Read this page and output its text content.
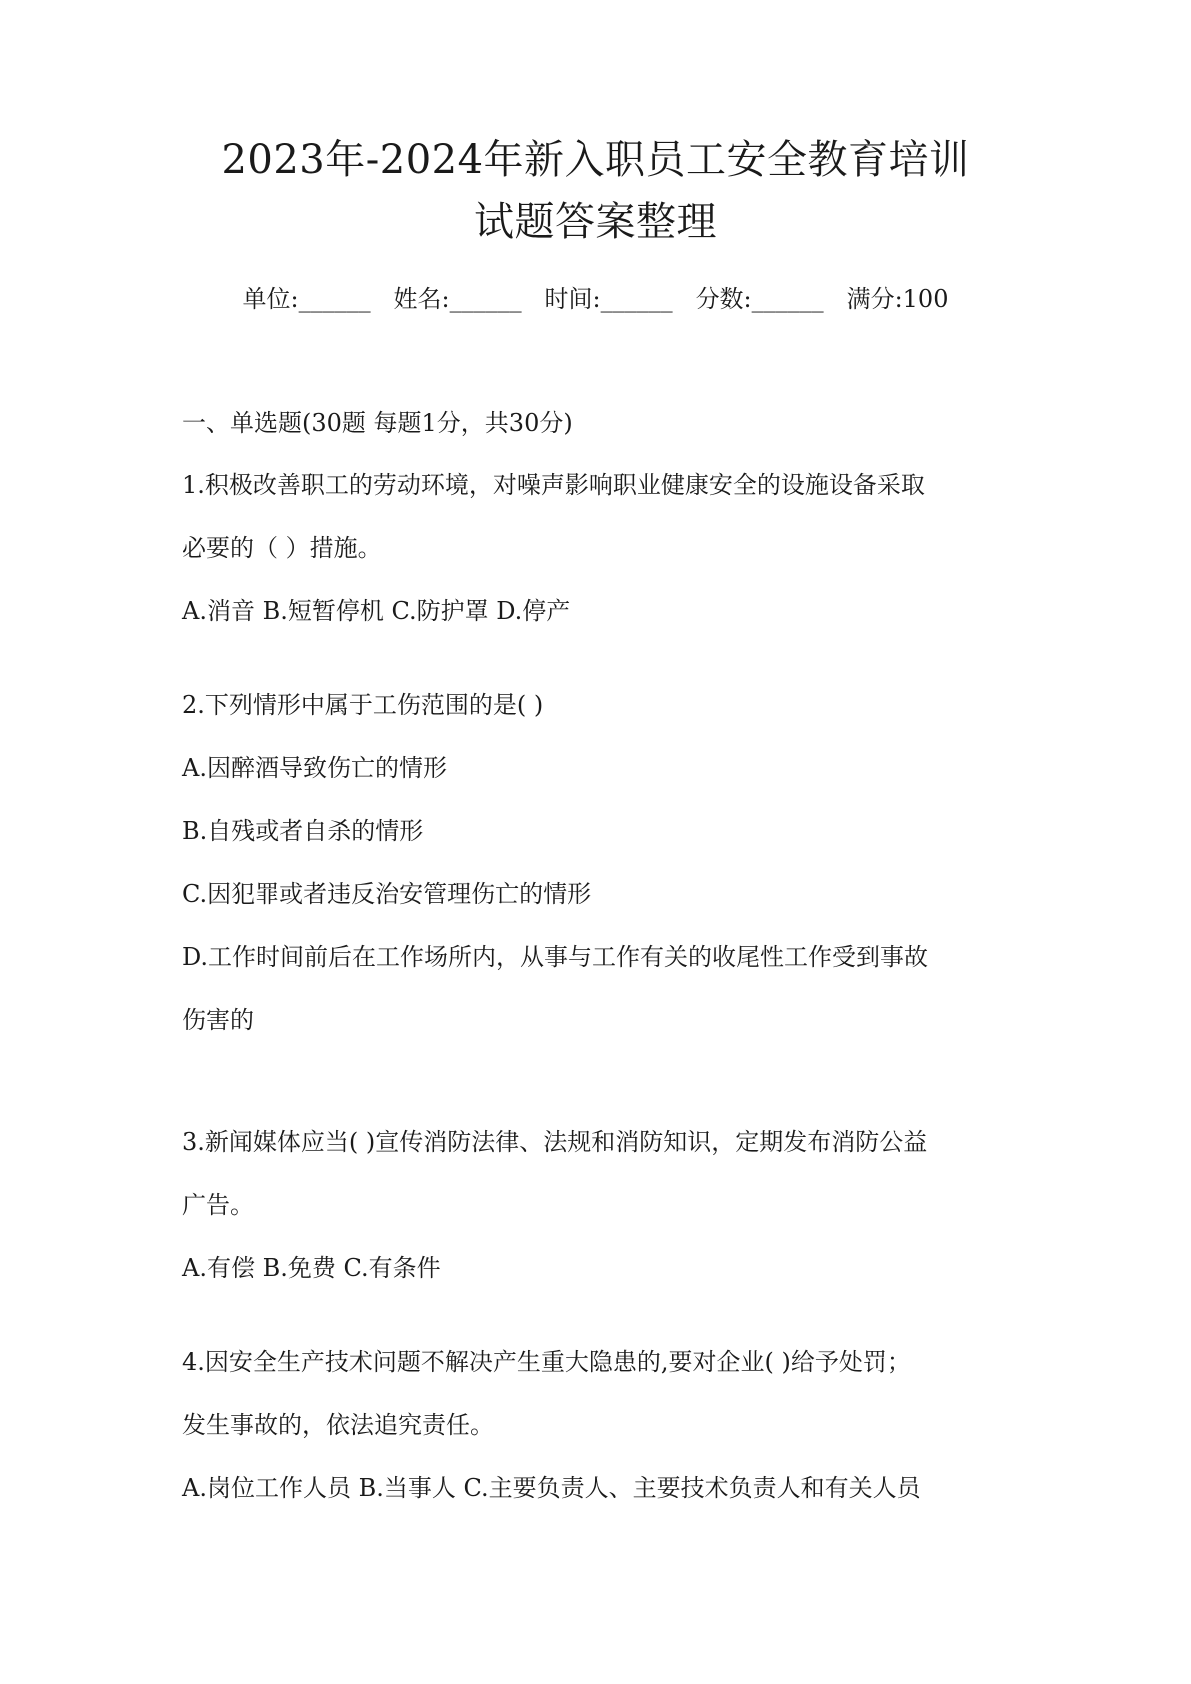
2023年-2024年新入职员工安全教育培训
试题答案整理
单位:______ 姓名:______ 时间:______ 分数:______ 满分:100
一、单选题(30题 每题1分，共30分)
1.积极改善职工的劳动环境，对噪声影响职业健康安全的设施设备采取
必要的（ ）措施。
A.消音 B.短暂停机 C.防护罩 D.停产
2.下列情形中属于工伤范围的是( )
A.因醉酒导致伤亡的情形
B.自残或者自杀的情形
C.因犯罪或者违反治安管理伤亡的情形
D.工作时间前后在工作场所内，从事与工作有关的收尾性工作受到事故
伤害的
3.新闻媒体应当( )宣传消防法律、法规和消防知识，定期发布消防公益
广告。
A.有偿 B.免费 C.有条件
4.因安全生产技术问题不解决产生重大隐患的,要对企业( )给予处罚；
发生事故的，依法追究责任。
A.岗位工作人员 B.当事人 C.主要负责人、主要技术负责人和有关人员
